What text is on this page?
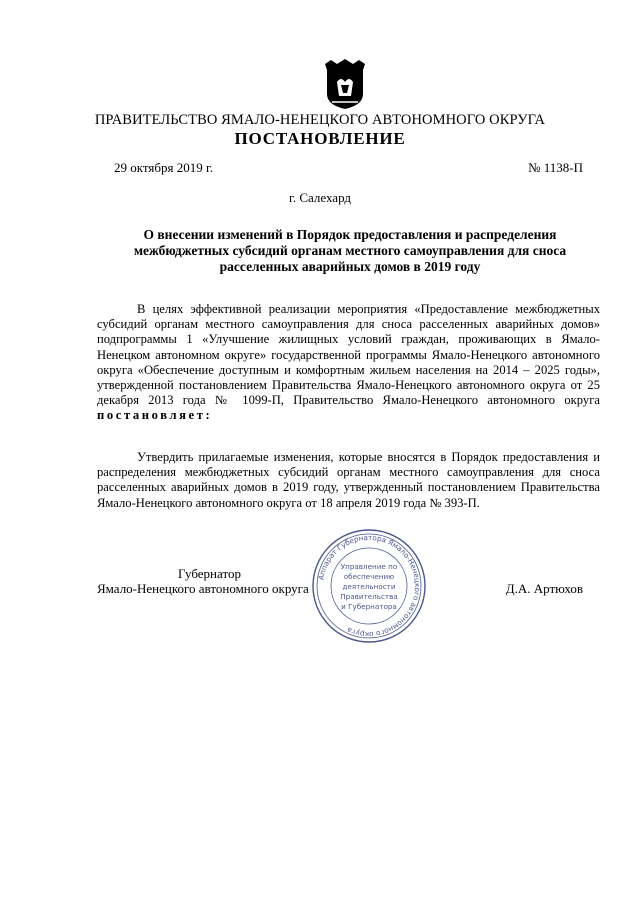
ПРАВИТЕЛЬСТВО ЯМАЛО-НЕНЕЦКОГО АВТОНОМНОГО ОКРУГА
ПОСТАНОВЛЕНИЕ
29 октября 2019 г.	№ 1138-П
г. Салехард
О внесении изменений в Порядок предоставления и распределения
межбюджетных субсидий органам местного самоуправления для сноса
расселенных аварийных домов в 2019 году

В целях эффективной реализации мероприятия «Предоставление межбюджетных субсидий органам местного самоуправления для сноса расселенных аварийных домов» подпрограммы 1 «Улучшение жилищных условий граждан, проживающих в Ямало-Ненецком автономном округе» государственной программы Ямало-Ненецкого автономного округа «Обеспечение доступным и комфортным жильем населения на 2014 – 2025 годы», утвержденной постановлением Правительства Ямало-Ненецкого автономного округа от 25 декабря 2013 года № 1099-П, Правительство Ямало-Ненецкого автономного округа постановляет:

Утвердить прилагаемые изменения, которые вносятся в Порядок предоставления и распределения межбюджетных субсидий органам местного самоуправления для сноса расселенных аварийных домов в 2019 году, утвержденный постановлением Правительства Ямало-Ненецкого автономного округа от 18 апреля 2019 года № 393-П.

Губернатор
Ямало-Ненецкого автономного округа	Д.А. Артюхов
Аппарат Губернатора Ямало-Ненецкого автономного округа
Управление по
обеспечению
деятельности
Правительства
и Губернатора
